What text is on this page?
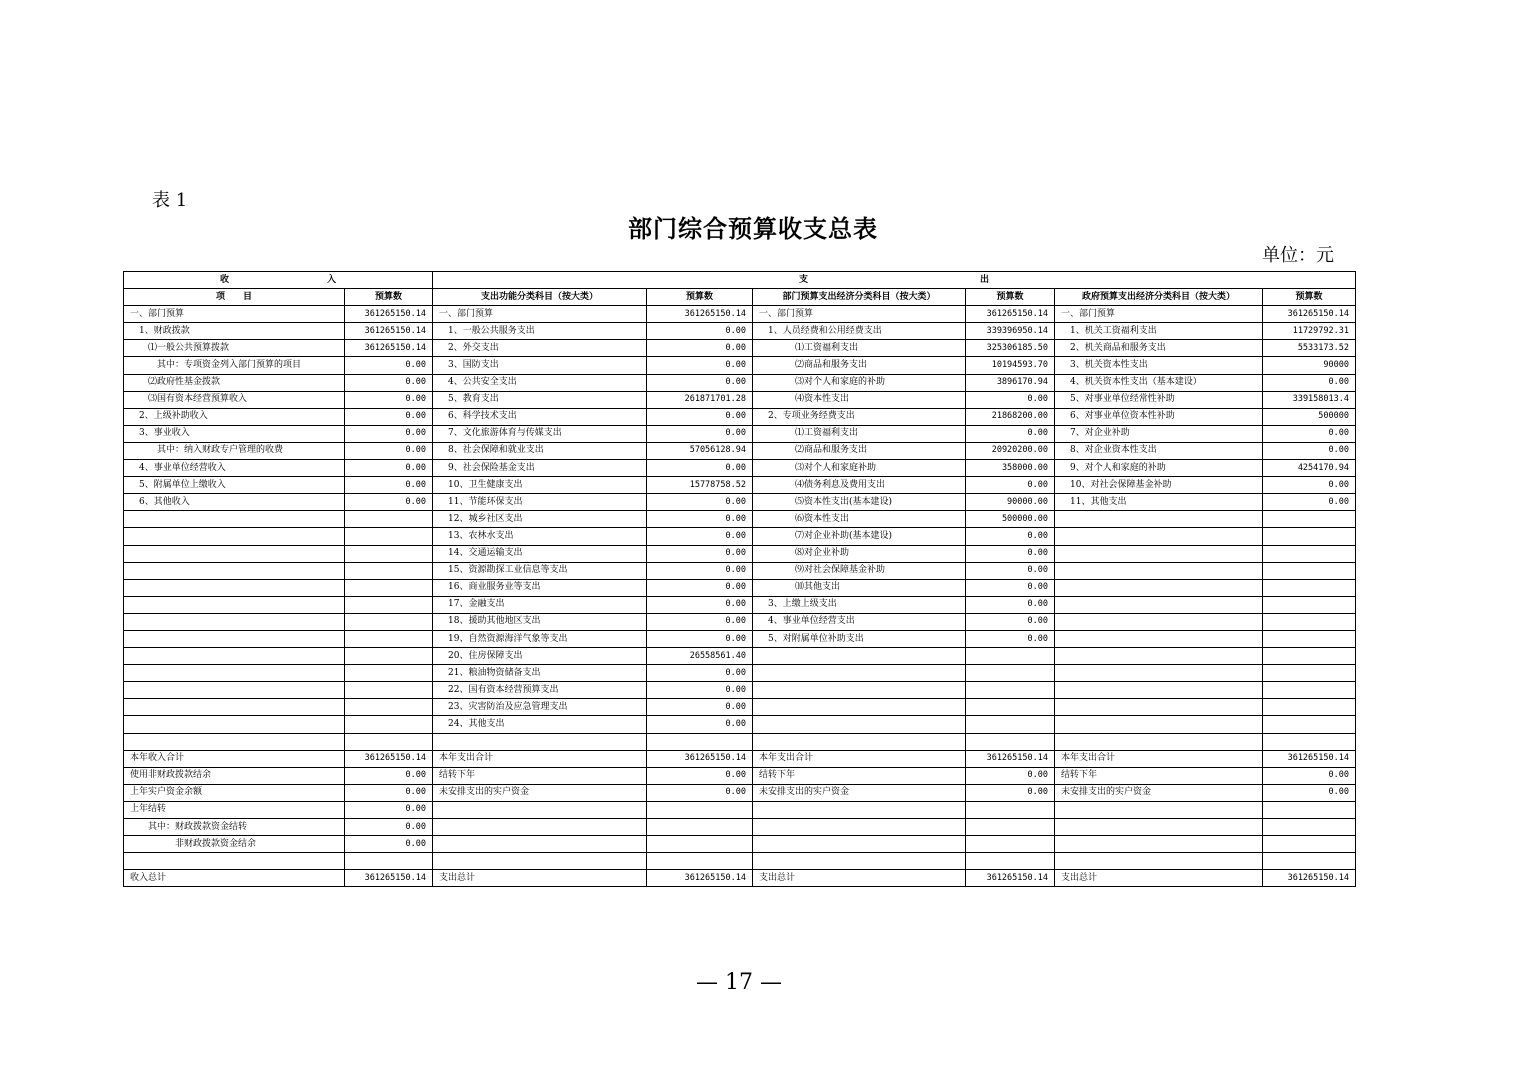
表 1
部门综合预算收支总表
单位：元
收 入		支 出					

项　　目	预算数	支出功能分类科目（按大类）	预算数	部门预算支出经济分类科目（按大类）	预算数	政府预算支出经济分类科目（按大类）	预算数
一、部门预算	361265150.14	一、部门预算	361265150.14	一、部门预算	361265150.14	一、部门预算	361265150.14
　1、财政拨款	361265150.14	　1、一般公共服务支出	0.00	　1、人员经费和公用经费支出	339396950.14	　1、机关工资福利支出	11729792.31
　　⑴一般公共预算拨款	361265150.14	　2、外交支出	0.00	　　　　⑴工资福利支出	325306185.50	　2、机关商品和服务支出	5533173.52
　　　其中：专项资金列入部门预算的项目	0.00	　3、国防支出	0.00	　　　　⑵商品和服务支出	10194593.70	　3、机关资本性支出	90000
　　⑵政府性基金拨款	0.00	　4、公共安全支出	0.00	　　　　⑶对个人和家庭的补助	3896170.94	　4、机关资本性支出（基本建设）	0.00
　　⑶国有资本经营预算收入	0.00	　5、教育支出	261871701.28	　　　　⑷资本性支出	0.00	　5、对事业单位经常性补助	339158013.4
　2、上级补助收入	0.00	　6、科学技术支出	0.00	　2、专项业务经费支出	21868200.00	　6、对事业单位资本性补助	500000
　3、事业收入	0.00	　7、文化旅游体育与传媒支出	0.00	　　　　⑴工资福利支出	0.00	　7、对企业补助	0.00
　　　其中：纳入财政专户管理的收费	0.00	　8、社会保障和就业支出	57056128.94	　　　　⑵商品和服务支出	20920200.00	　8、对企业资本性支出	0.00
　4、事业单位经营收入	0.00	　9、社会保险基金支出	0.00	　　　　⑶对个人和家庭补助	358000.00	　9、对个人和家庭的补助	4254170.94
　5、附属单位上缴收入	0.00	　10、卫生健康支出	15778758.52	　　　　⑷债务利息及费用支出	0.00	　10、对社会保障基金补助	0.00
　6、其他收入	0.00	　11、节能环保支出	0.00	　　　　⑸资本性支出(基本建设)	90000.00	　11、其他支出	0.00
		　12、城乡社区支出	0.00	　　　　⑹资本性支出	500000.00		
		　13、农林水支出	0.00	　　　　⑺对企业补助(基本建设)	0.00		
		　14、交通运输支出	0.00	　　　　⑻对企业补助	0.00		
		　15、资源勘探工业信息等支出	0.00	　　　　⑼对社会保障基金补助	0.00		
		　16、商业服务业等支出	0.00	　　　　⑽其他支出	0.00		
		　17、金融支出	0.00	　3、上缴上级支出	0.00		
		　18、援助其他地区支出	0.00	　4、事业单位经营支出	0.00		
		　19、自然资源海洋气象等支出	0.00	　5、对附属单位补助支出	0.00		
		　20、住房保障支出	26558561.40				
		　21、粮油物资储备支出	0.00				
		　22、国有资本经营预算支出	0.00				
		　23、灾害防治及应急管理支出	0.00				
		　24、其他支出	0.00				

本年收入合计	361265150.14	本年支出合计	361265150.14	本年支出合计	361265150.14	本年支出合计	361265150.14
使用非财政拨款结余	0.00	结转下年	0.00	结转下年	0.00	结转下年	0.00
上年实户资金余额	0.00	未安排支出的实户资金	0.00	未安排支出的实户资金	0.00	未安排支出的实户资金	0.00
上年结转	0.00						
　　其中：财政拨款资金结转	0.00						
　　　　　非财政拨款资金结余	0.00						

收入总计	361265150.14	支出总计	361265150.14	支出总计	361265150.14	支出总计	361265150.14
— 17 —
